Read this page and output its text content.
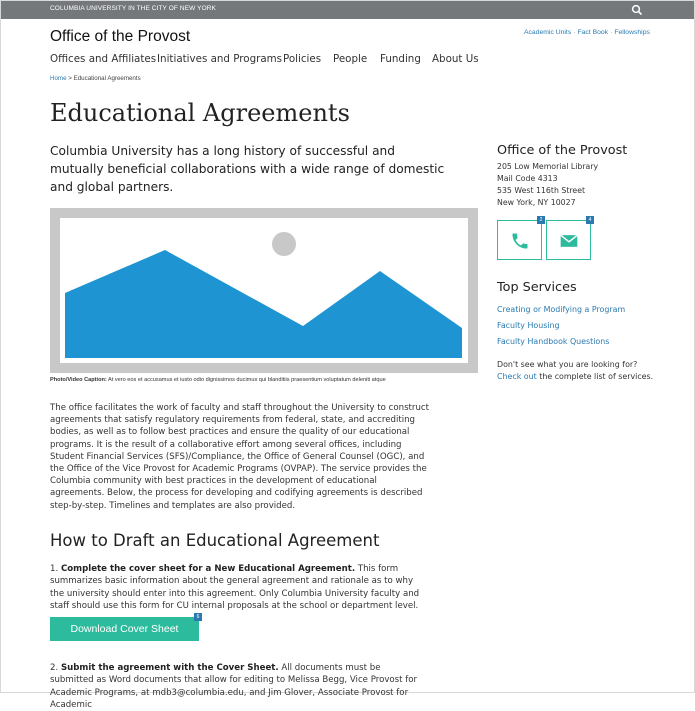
COLUMBIA UNIVERSITY IN THE CITY OF NEW YORK
Office of the Provost	Academic Units · Fact Book · Fellowships
Offices and Affiliates Initiatives and Programs Policies People Funding About Us
Home > Educational Agreements
Educational Agreements

Columbia University has a long history of successful and mutually beneficial collaborations with a wide range of domestic and global partners.

Photo/Video Caption: At vero eos et accusamus et iusto odio dignissimos ducimus qui blanditiis praesentium voluptatum deleniti atque

The office facilitates the work of faculty and staff throughout the University to construct agreements that satisfy regulatory requirements from federal, state, and accrediting bodies, as well as to follow best practices and ensure the quality of our educational programs. It is the result of a collaborative effort among several offices, including Student Financial Services (SFS)/Compliance, the Office of General Counsel (OGC), and the Office of the Vice Provost for Academic Programs (OVPAP). The service provides the Columbia community with best practices in the development of educational agreements. Below, the process for developing and codifying agreements is described step-by-step. Timelines and templates are also provided.

How to Draft an Educational Agreement

1. Complete the cover sheet for a New Educational Agreement. This form summarizes basic information about the general agreement and rationale as to why the university should enter into this agreement. Only Columbia University faculty and staff should use this form for CU internal proposals at the school or department level.

Download Cover Sheet
6

2. Submit the agreement with the Cover Sheet. All documents must be submitted as Word documents that allow for editing to Melissa Begg, Vice Provost for Academic Programs, at mdb3@columbia.edu, and Jim Glover, Associate Provost for Academic

Office of the Provost
205 Low Memorial Library
Mail Code 4313
535 West 116th Street
New York, NY 10027
2	4
Top Services
Creating or Modifying a Program
Faculty Housing
Faculty Handbook Questions
Don't see what you are looking for?
Check out the complete list of services.
